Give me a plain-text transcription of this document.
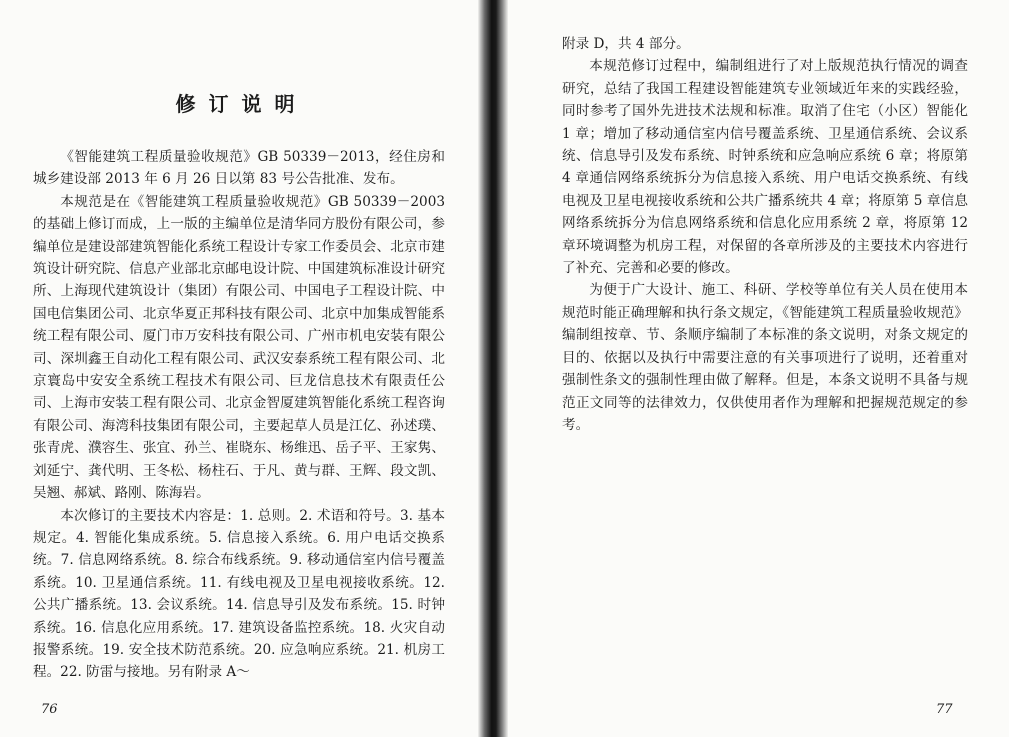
修订说明

《智能建筑工程质量验收规范》GB 50339－2013，经住房和城乡建设部 2013 年 6 月 26 日以第 83 号公告批准、发布。

本规范是在《智能建筑工程质量验收规范》GB 50339－2003 的基础上修订而成，上一版的主编单位是清华同方股份有限公司，参编单位是建设部建筑智能化系统工程设计专家工作委员会、北京市建筑设计研究院、信息产业部北京邮电设计院、中国建筑标准设计研究所、上海现代建筑设计（集团）有限公司、中国电子工程设计院、中国电信集团公司、北京华夏正邦科技有限公司、北京中加集成智能系统工程有限公司、厦门市万安科技有限公司、广州市机电安装有限公司、深圳鑫王自动化工程有限公司、武汉安泰系统工程有限公司、北京寰岛中安安全系统工程技术有限公司、巨龙信息技术有限责任公司、上海市安装工程有限公司、北京金智厦建筑智能化系统工程咨询有限公司、海湾科技集团有限公司，主要起草人员是江亿、孙述璞、张青虎、濮容生、张宜、孙兰、崔晓东、杨维迅、岳子平、王家隽、刘延宁、龚代明、王冬松、杨柱石、于凡、黄与群、王辉、段文凯、吴翘、郝斌、路刚、陈海岩。

本次修订的主要技术内容是：1. 总则。2. 术语和符号。3. 基本规定。4. 智能化集成系统。5. 信息接入系统。6. 用户电话交换系统。7. 信息网络系统。8. 综合布线系统。9. 移动通信室内信号覆盖系统。10. 卫星通信系统。11. 有线电视及卫星电视接收系统。12. 公共广播系统。13. 会议系统。14. 信息导引及发布系统。15. 时钟系统。16. 信息化应用系统。17. 建筑设备监控系统。18. 火灾自动报警系统。19. 安全技术防范系统。20. 应急响应系统。21. 机房工程。22. 防雷与接地。另有附录 A～

76

附录 D，共 4 部分。

本规范修订过程中，编制组进行了对上版规范执行情况的调查研究，总结了我国工程建设智能建筑专业领域近年来的实践经验，同时参考了国外先进技术法规和标准。取消了住宅（小区）智能化 1 章；增加了移动通信室内信号覆盖系统、卫星通信系统、会议系统、信息导引及发布系统、时钟系统和应急响应系统 6 章；将原第 4 章通信网络系统拆分为信息接入系统、用户电话交换系统、有线电视及卫星电视接收系统和公共广播系统共 4 章；将原第 5 章信息网络系统拆分为信息网络系统和信息化应用系统 2 章，将原第 12 章环境调整为机房工程，对保留的各章所涉及的主要技术内容进行了补充、完善和必要的修改。

为便于广大设计、施工、科研、学校等单位有关人员在使用本规范时能正确理解和执行条文规定，《智能建筑工程质量验收规范》编制组按章、节、条顺序编制了本标准的条文说明，对条文规定的目的、依据以及执行中需要注意的有关事项进行了说明，还着重对强制性条文的强制性理由做了解释。但是，本条文说明不具备与规范正文同等的法律效力，仅供使用者作为理解和把握规范规定的参考。

77
